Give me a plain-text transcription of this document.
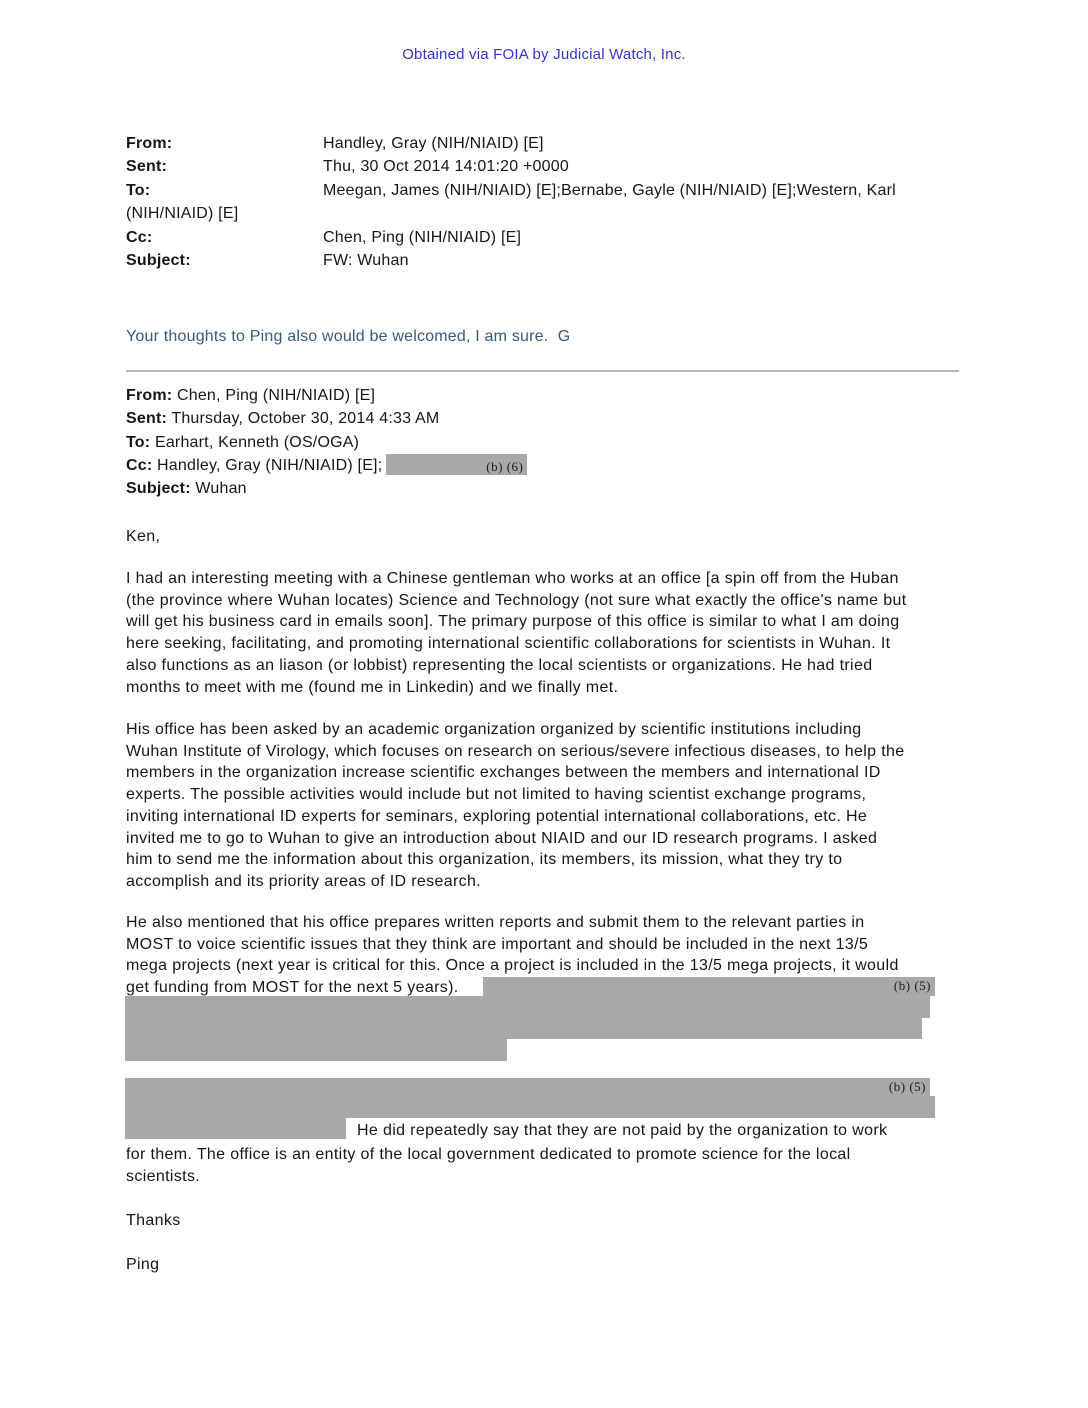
Obtained via FOIA by Judicial Watch, Inc.
From:	Handley, Gray (NIH/NIAID) [E]
Sent:	Thu, 30 Oct 2014 14:01:20 +0000
To:	Meegan, James (NIH/NIAID) [E];Bernabe, Gayle (NIH/NIAID) [E];Western, Karl
(NIH/NIAID) [E]
Cc:	Chen, Ping (NIH/NIAID) [E]
Subject:	FW: Wuhan
Your thoughts to Ping also would be welcomed, I am sure.  G
From: Chen, Ping (NIH/NIAID) [E]
Sent: Thursday, October 30, 2014 4:33 AM
To: Earhart, Kenneth (OS/OGA)
Cc: Handley, Gray (NIH/NIAID) [E];	(b) (6)
Subject: Wuhan
Ken,
I had an interesting meeting with a Chinese gentleman who works at an office [a spin off from the Huban
(the province where Wuhan locates) Science and Technology (not sure what exactly the office's name but
will get his business card in emails soon]. The primary purpose of this office is similar to what I am doing
here seeking, facilitating, and promoting international scientific collaborations for scientists in Wuhan. It
also functions as an liason (or lobbist) representing the local scientists or organizations. He had tried
months to meet with me (found me in Linkedin) and we finally met.
His office has been asked by an academic organization organized by scientific institutions including
Wuhan Institute of Virology, which focuses on research on serious/severe infectious diseases, to help the
members in the organization increase scientific exchanges between the members and international ID
experts. The possible activities would include but not limited to having scientist exchange programs,
inviting international ID experts for seminars, exploring potential international collaborations, etc. He
invited me to go to Wuhan to give an introduction about NIAID and our ID research programs. I asked
him to send me the information about this organization, its members, its mission, what they try to
accomplish and its priority areas of ID research.
He also mentioned that his office prepares written reports and submit them to the relevant parties in
MOST to voice scientific issues that they think are important and should be included in the next 13/5
mega projects (next year is critical for this. Once a project is included in the 13/5 mega projects, it would
get funding from MOST for the next 5 years).	(b) (5)
(b) (5)
He did repeatedly say that they are not paid by the organization to work
for them. The office is an entity of the local government dedicated to promote science for the local
scientists.
Thanks
Ping
